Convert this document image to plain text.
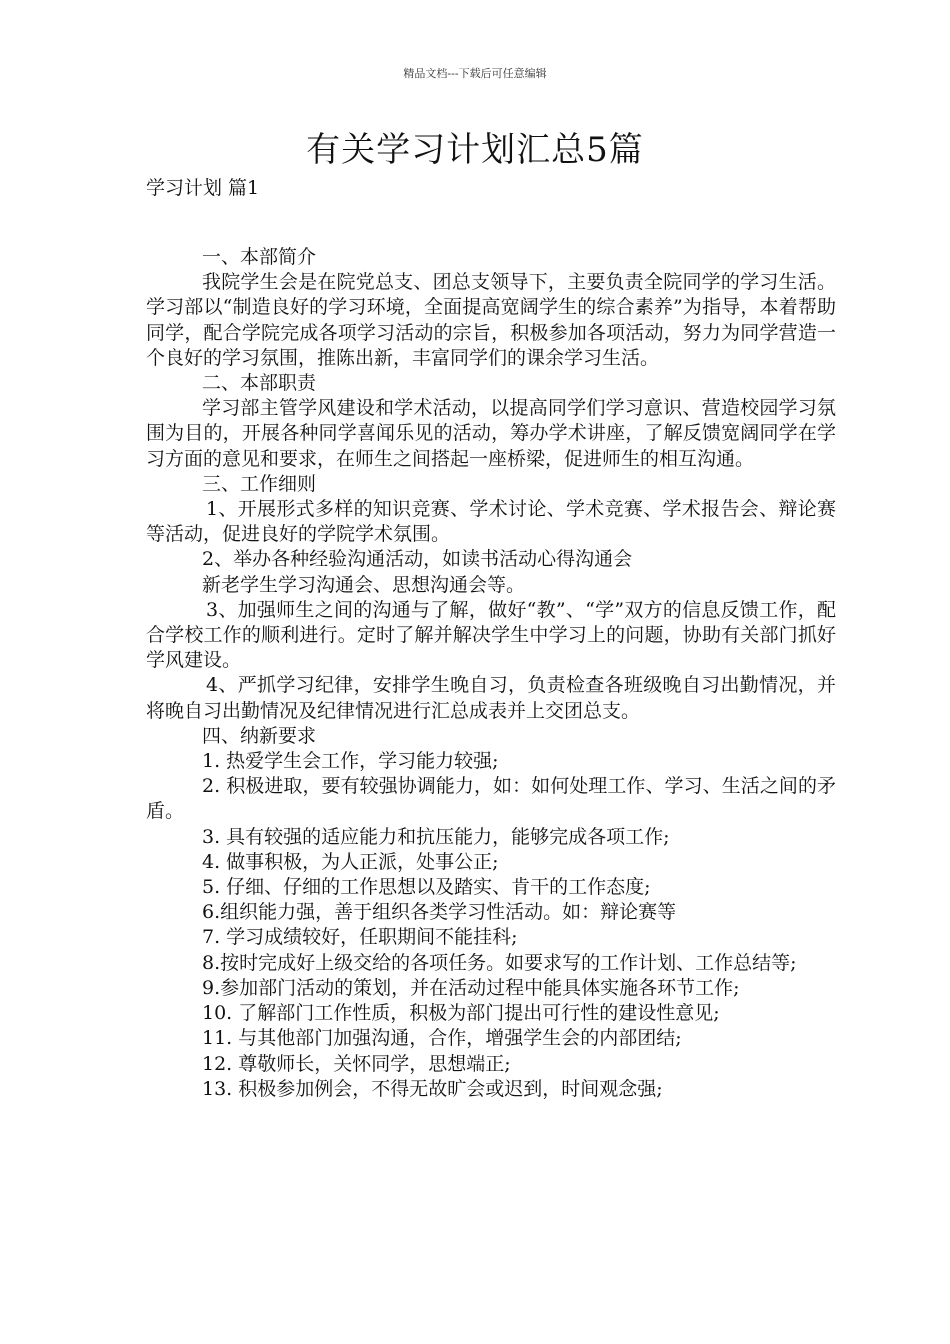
精品文档---下载后可任意编辑
有关学习计划汇总5篇
学习计划 篇1

一、本部简介

我院学生会是在院党总支、团总支领导下，主要负责全院同学的学习生活。学习部以“制造良好的学习环境，全面提高宽阔学生的综合素养”为指导，本着帮助同学，配合学院完成各项学习活动的宗旨，积极参加各项活动，努力为同学营造一个良好的学习氛围，推陈出新，丰富同学们的课余学习生活。

二、本部职责

学习部主管学风建设和学术活动，以提高同学们学习意识、营造校园学习氛围为目的，开展各种同学喜闻乐见的活动，筹办学术讲座，了解反馈宽阔同学在学习方面的意见和要求，在师生之间搭起一座桥梁，促进师生的相互沟通。

三、工作细则

1、开展形式多样的知识竞赛、学术讨论、学术竞赛、学术报告会、辩论赛等活动，促进良好的学院学术氛围。

2、举办各种经验沟通活动，如读书活动心得沟通会

新老学生学习沟通会、思想沟通会等。

3、加强师生之间的沟通与了解，做好“教”、“学”双方的信息反馈工作，配合学校工作的顺利进行。定时了解并解决学生中学习上的问题，协助有关部门抓好学风建设。

4、严抓学习纪律，安排学生晚自习，负责检查各班级晚自习出勤情况，并将晚自习出勤情况及纪律情况进行汇总成表并上交团总支。

四、纳新要求

1. 热爱学生会工作，学习能力较强;

2. 积极进取，要有较强协调能力，如：如何处理工作、学习、生活之间的矛盾。

3. 具有较强的适应能力和抗压能力，能够完成各项工作;

4. 做事积极，为人正派，处事公正;

5. 仔细、仔细的工作思想以及踏实、肯干的工作态度;

6.组织能力强，善于组织各类学习性活动。如：辩论赛等

7. 学习成绩较好，任职期间不能挂科;

8.按时完成好上级交给的各项任务。如要求写的工作计划、工作总结等;

9.参加部门活动的策划，并在活动过程中能具体实施各环节工作;

10. 了解部门工作性质，积极为部门提出可行性的建设性意见;

11. 与其他部门加强沟通，合作，增强学生会的内部团结;

12. 尊敬师长，关怀同学，思想端正;

13. 积极参加例会，不得无故旷会或迟到，时间观念强;
